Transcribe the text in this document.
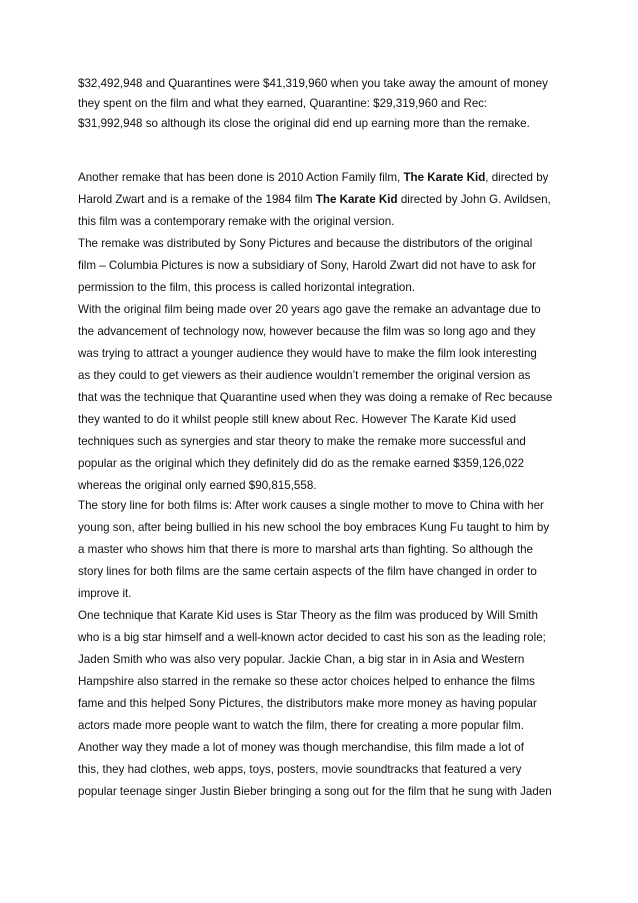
$32,492,948 and Quarantines were $41,319,960 when you take away the amount of money

they spent on the film and what they earned, Quarantine: $29,319,960 and Rec:

$31,992,948 so although its close the original did end up earning more than the remake.

Another remake that has been done is 2010 Action Family film, The Karate Kid, directed by

Harold Zwart and is a remake of the 1984 film The Karate Kid directed by John G. Avildsen,

this film was a contemporary remake with the original version.

The remake was distributed by Sony Pictures and because the distributors of the original

film – Columbia Pictures is now a subsidiary of Sony, Harold Zwart did not have to ask for

permission to the film, this process is called horizontal integration.

With the original film being made over 20 years ago gave the remake an advantage due to

the advancement of technology now, however because the film was so long ago and they

was trying to attract a younger audience they would have to make the film look interesting

as they could to get viewers as their audience wouldn’t remember the original version as

that was the technique that Quarantine used when they was doing a remake of Rec because

they wanted to do it whilst people still knew about Rec. However The Karate Kid used

techniques such as synergies and star theory to make the remake more successful and

popular as the original which they definitely did do as the remake earned $359,126,022

whereas the original only earned $90,815,558.

The story line for both films is: After work causes a single mother to move to China with her

young son, after being bullied in his new school the boy embraces Kung Fu taught to him by

a master who shows him that there is more to marshal arts than fighting. So although the

story lines for both films are the same certain aspects of the film have changed in order to

improve it.

One technique that Karate Kid uses is Star Theory as the film was produced by Will Smith

who is a big star himself and a well-known actor decided to cast his son as the leading role;

Jaden Smith who was also very popular. Jackie Chan, a big star in in Asia and Western

Hampshire also starred in the remake so these actor choices helped to enhance the films

fame and this helped Sony Pictures, the distributors make more money as having popular

actors made more people want to watch the film, there for creating a more popular film.

Another way they made a lot of money was though merchandise, this film made a lot of

this, they had clothes, web apps, toys, posters, movie soundtracks that featured a very

popular teenage singer Justin Bieber bringing a song out for the film that he sung with Jaden
